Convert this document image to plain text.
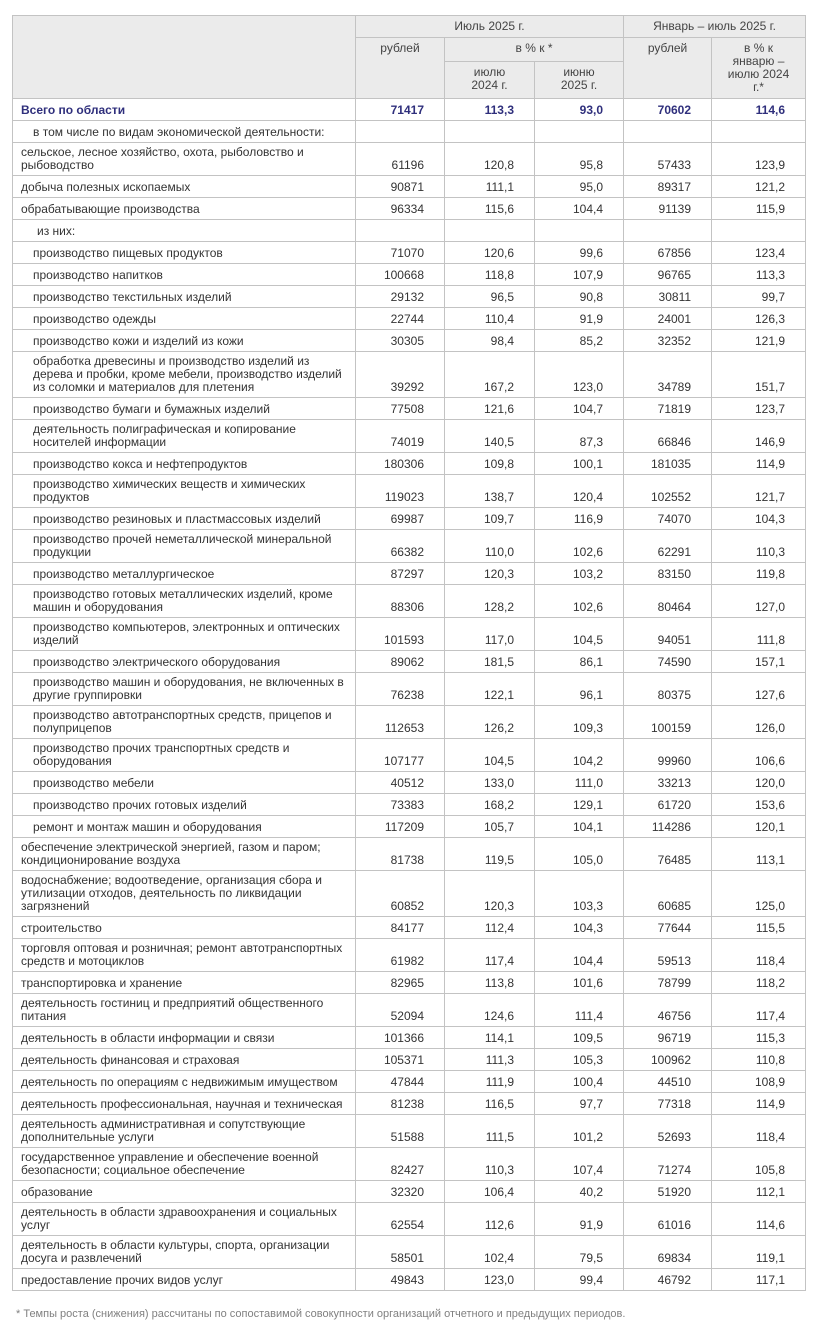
	Июль 2025 г.			Январь – июль 2025 г.	
	рублей	в % к *		рублей	в % к январю – июлю 2024 г.*
		июлю 2024 г.	июню 2025 г.		
Всего по области	71417	113,3	93,0	70602	114,6
в том числе по видам экономической деятельности:					
сельское, лесное хозяйство, охота, рыболовство и рыбоводство	61196	120,8	95,8	57433	123,9
добыча полезных ископаемых	90871	111,1	95,0	89317	121,2
обрабатывающие производства	96334	115,6	104,4	91139	115,9
из них:					
производство пищевых продуктов	71070	120,6	99,6	67856	123,4
производство напитков	100668	118,8	107,9	96765	113,3
производство текстильных изделий	29132	96,5	90,8	30811	99,7
производство одежды	22744	110,4	91,9	24001	126,3
производство кожи и изделий из кожи	30305	98,4	85,2	32352	121,9
обработка древесины и производство изделий из дерева и пробки, кроме мебели, производство изделий из соломки и материалов для плетения	39292	167,2	123,0	34789	151,7
производство бумаги и бумажных изделий	77508	121,6	104,7	71819	123,7
деятельность полиграфическая и копирование носителей информации	74019	140,5	87,3	66846	146,9
производство кокса и нефтепродуктов	180306	109,8	100,1	181035	114,9
производство химических веществ и химических продуктов	119023	138,7	120,4	102552	121,7
производство резиновых и пластмассовых изделий	69987	109,7	116,9	74070	104,3
производство прочей неметаллической минеральной продукции	66382	110,0	102,6	62291	110,3
производство металлургическое	87297	120,3	103,2	83150	119,8
производство готовых металлических изделий, кроме машин и оборудования	88306	128,2	102,6	80464	127,0
производство компьютеров, электронных и оптических изделий	101593	117,0	104,5	94051	111,8
производство электрического оборудования	89062	181,5	86,1	74590	157,1
производство машин и оборудования, не включенных в другие группировки	76238	122,1	96,1	80375	127,6
производство автотранспортных средств, прицепов и полуприцепов	112653	126,2	109,3	100159	126,0
производство прочих транспортных средств и оборудования	107177	104,5	104,2	99960	106,6
производство мебели	40512	133,0	111,0	33213	120,0
производство прочих готовых изделий	73383	168,2	129,1	61720	153,6
ремонт и монтаж машин и оборудования	117209	105,7	104,1	114286	120,1
обеспечение электрической энергией, газом и паром; кондиционирование воздуха	81738	119,5	105,0	76485	113,1
водоснабжение; водоотведение, организация сбора и утилизации отходов, деятельность по ликвидации загрязнений	60852	120,3	103,3	60685	125,0
строительство	84177	112,4	104,3	77644	115,5
торговля оптовая и розничная; ремонт автотранспортных средств и мотоциклов	61982	117,4	104,4	59513	118,4
транспортировка и хранение	82965	113,8	101,6	78799	118,2
деятельность гостиниц и предприятий общественного питания	52094	124,6	111,4	46756	117,4
деятельность в области информации и связи	101366	114,1	109,5	96719	115,3
деятельность финансовая и страховая	105371	111,3	105,3	100962	110,8
деятельность по операциям с недвижимым имуществом	47844	111,9	100,4	44510	108,9
деятельность профессиональная, научная и техническая	81238	116,5	97,7	77318	114,9
деятельность административная и сопутствующие дополнительные услуги	51588	111,5	101,2	52693	118,4
государственное управление и обеспечение военной безопасности; социальное обеспечение	82427	110,3	107,4	71274	105,8
образование	32320	106,4	40,2	51920	112,1
деятельность в области здравоохранения и социальных услуг	62554	112,6	91,9	61016	114,6
деятельность в области культуры, спорта, организации досуга и развлечений	58501	102,4	79,5	69834	119,1
предоставление прочих видов услуг	49843	123,0	99,4	46792	117,1
* Темпы роста (снижения) рассчитаны по сопоставимой совокупности организаций отчетного и предыдущих периодов.
